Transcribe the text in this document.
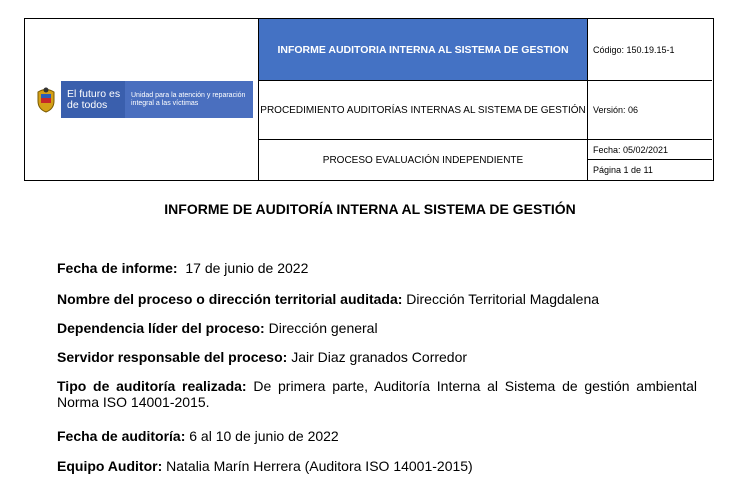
El futuro es de todos
Unidad para la atención y reparación integral a las víctimas
INFORME AUDITORIA INTERNA AL SISTEMA DE GESTION
PROCEDIMIENTO AUDITORÍAS INTERNAS AL SISTEMA DE GESTIÓN
PROCESO EVALUACIÓN INDEPENDIENTE
Código: 150.19.15-1
Versión: 06
Fecha: 05/02/2021
Página 1 de 11
INFORME DE AUDITORÍA INTERNA AL SISTEMA DE GESTIÓN
Fecha de informe: 17 de junio de 2022
Nombre del proceso o dirección territorial auditada: Dirección Territorial Magdalena
Dependencia líder del proceso: Dirección general
Servidor responsable del proceso: Jair Diaz granados Corredor
Tipo de auditoría realizada: De primera parte, Auditoría Interna al Sistema de gestión ambiental Norma ISO 14001-2015.
Fecha de auditoría: 6 al 10 de junio de 2022
Equipo Auditor: Natalia Marín Herrera (Auditora ISO 14001-2015)
